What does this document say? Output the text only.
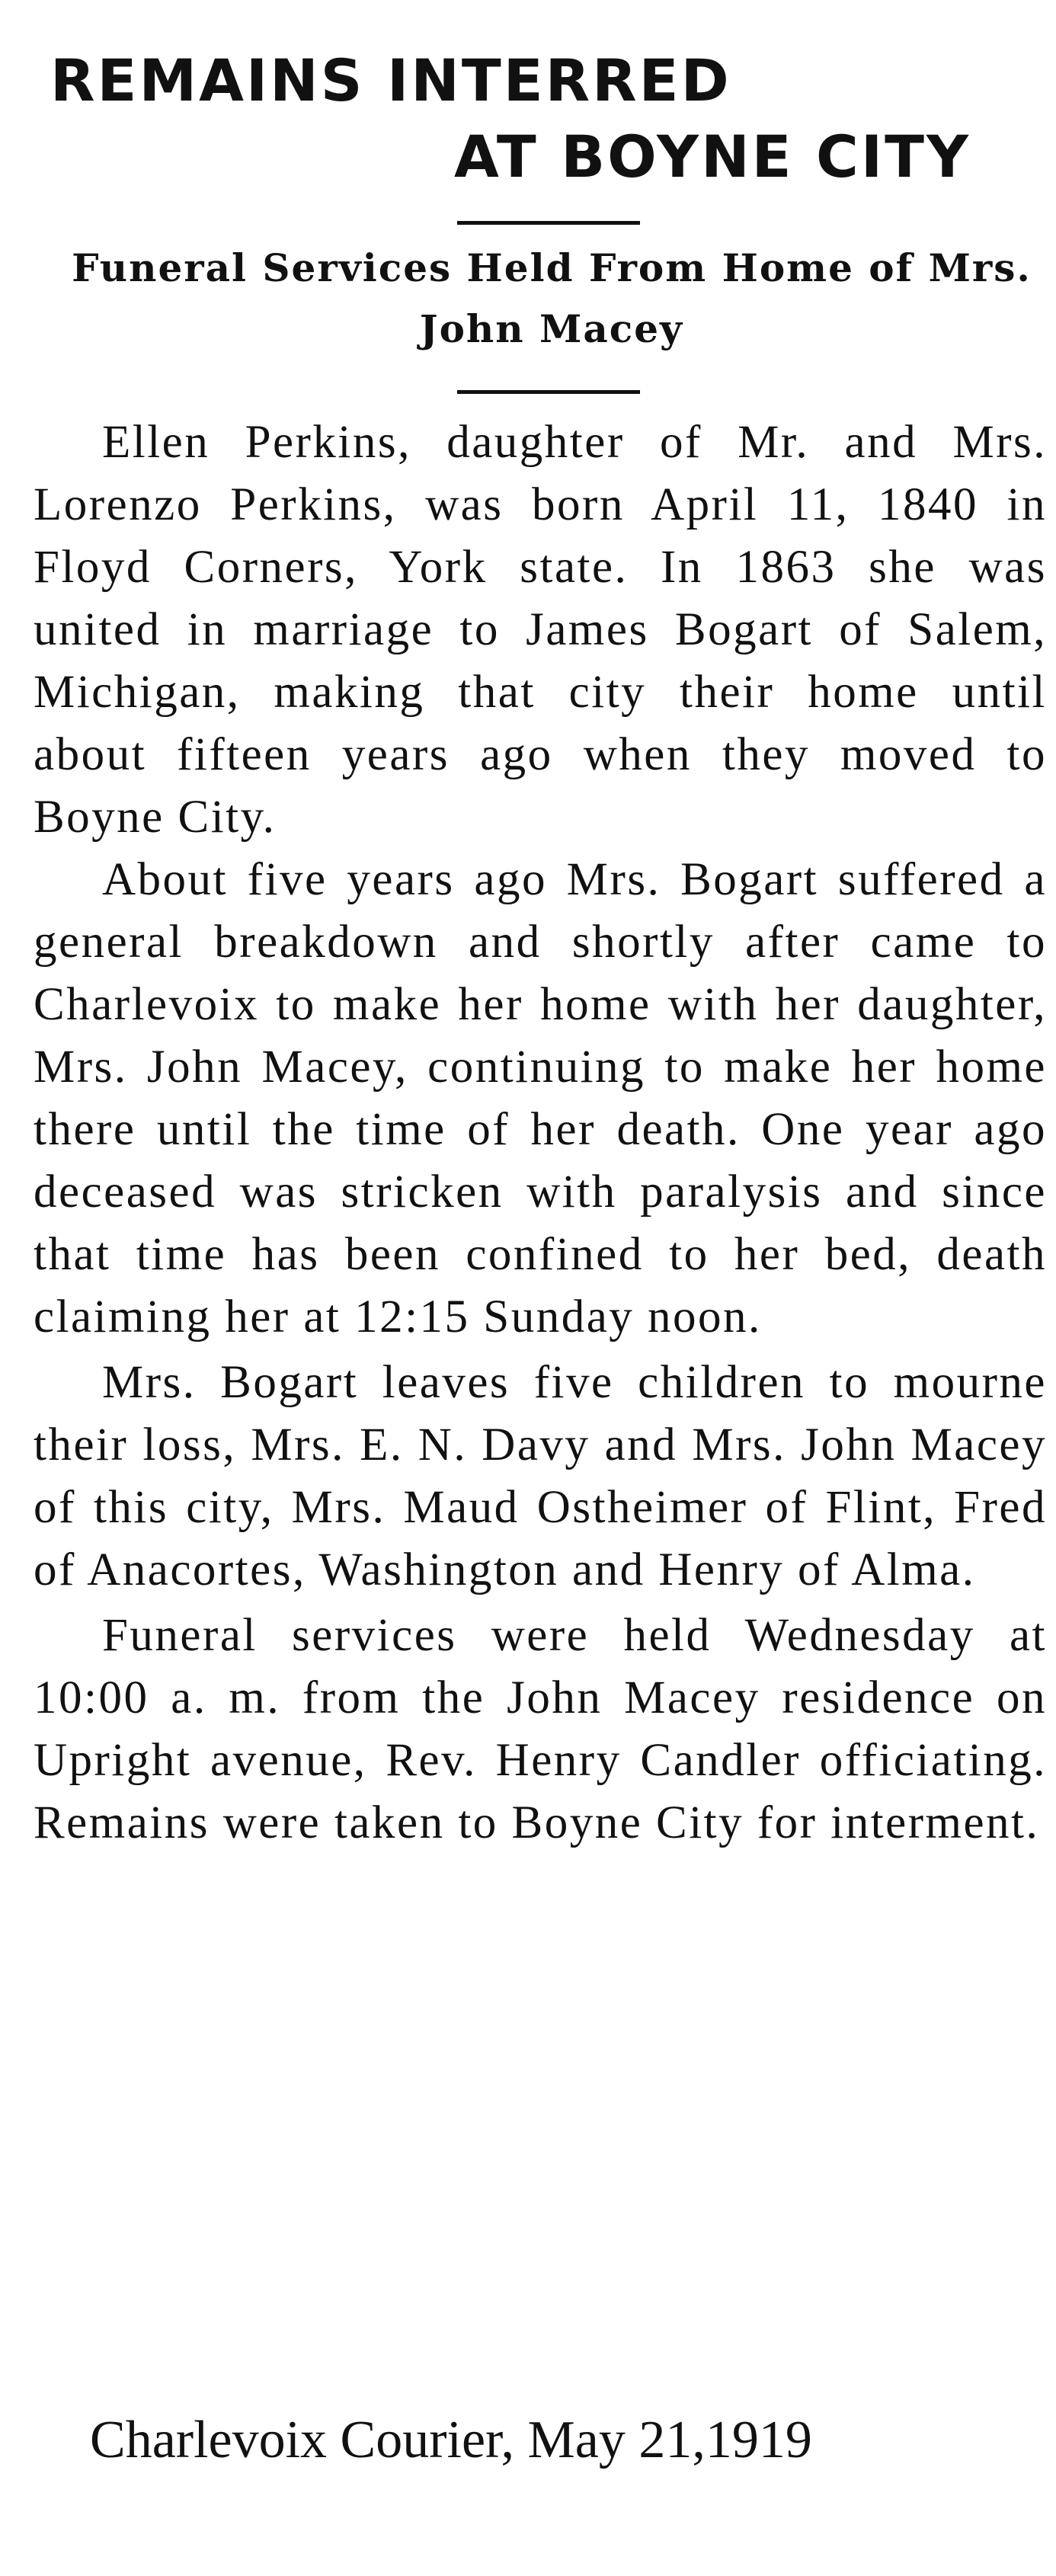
REMAINS INTERRED
AT BOYNE CITY
Funeral Services Held From Home of Mrs. John Macey

Ellen Perkins, daughter of Mr. and Mrs. Lorenzo Perkins, was born April 11, 1840 in Floyd Corners, York state. In 1863 she was united in marriage to James Bogart of Salem, Michigan, making that city their home until about fifteen years ago when they moved to Boyne City.

About five years ago Mrs. Bogart suffered a general breakdown and shortly after came to Charlevoix to make her home with her daughter, Mrs. John Macey, continuing to make her home there until the time of her death. One year ago deceased was stricken with paralysis and since that time has been confined to her bed, death claiming her at 12:15 Sunday noon.

Mrs. Bogart leaves five children to mourne their loss, Mrs. E. N. Davy and Mrs. John Macey of this city, Mrs. Maud Ostheimer of Flint, Fred of Anacortes, Washington and Henry of Alma.

Funeral services were held Wednesday at 10:00 a. m. from the John Macey residence on Upright avenue, Rev. Henry Candler officiating. Remains were taken to Boyne City for interment.

Charlevoix Courier, May 21,1919
